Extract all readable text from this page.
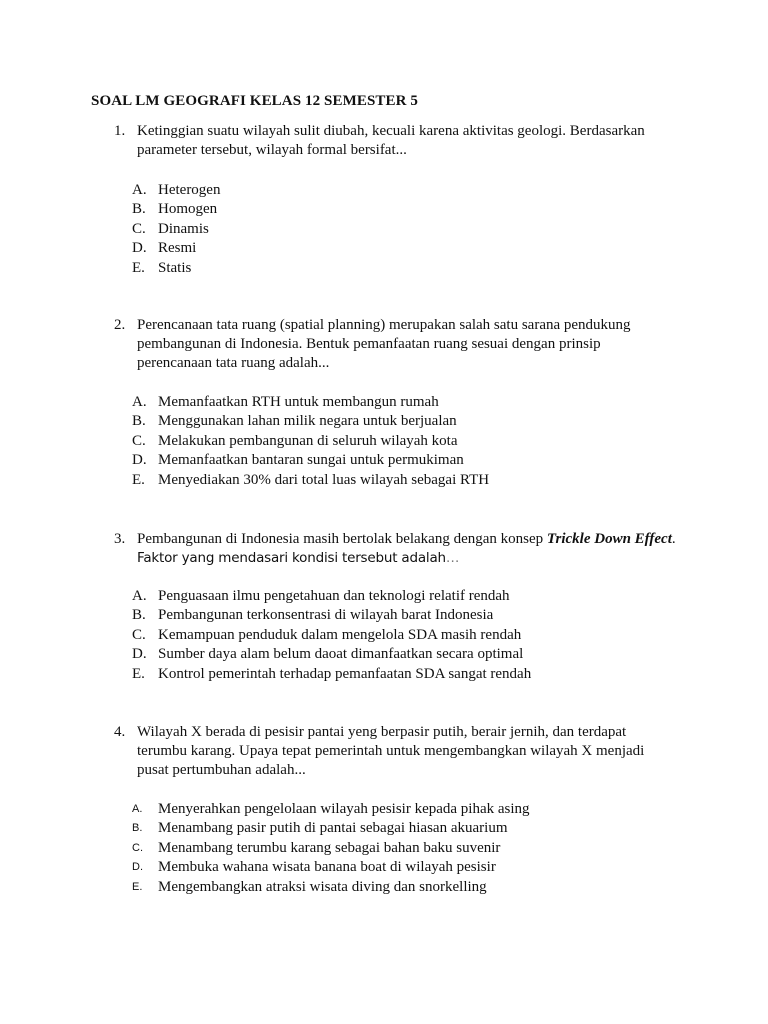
SOAL LM GEOGRAFI KELAS 12 SEMESTER 5
1. Ketinggian suatu wilayah sulit diubah, kecuali karena aktivitas geologi. Berdasarkan
parameter tersebut, wilayah formal bersifat...
A. Heterogen
B. Homogen
C. Dinamis
D. Resmi
E. Statis
2. Perencanaan tata ruang (spatial planning) merupakan salah satu sarana pendukung
pembangunan di Indonesia. Bentuk pemanfaatan ruang sesuai dengan prinsip
perencanaan tata ruang adalah...
A. Memanfaatkan RTH untuk membangun rumah
B. Menggunakan lahan milik negara untuk berjualan
C. Melakukan pembangunan di seluruh wilayah kota
D. Memanfaatkan bantaran sungai untuk permukiman
E. Menyediakan 30% dari total luas wilayah sebagai RTH
3. Pembangunan di Indonesia masih bertolak belakang dengan konsep Trickle Down Effect.
Faktor yang mendasari kondisi tersebut adalah…
A. Penguasaan ilmu pengetahuan dan teknologi relatif rendah
B. Pembangunan terkonsentrasi di wilayah barat Indonesia
C. Kemampuan penduduk dalam mengelola SDA masih rendah
D. Sumber daya alam belum daoat dimanfaatkan secara optimal
E. Kontrol pemerintah terhadap pemanfaatan SDA sangat rendah
4. Wilayah X berada di pesisir pantai yeng berpasir putih, berair jernih, dan terdapat
terumbu karang. Upaya tepat pemerintah untuk mengembangkan wilayah X menjadi
pusat pertumbuhan adalah...
A. Menyerahkan pengelolaan wilayah pesisir kepada pihak asing
B. Menambang pasir putih di pantai sebagai hiasan akuarium
C. Menambang terumbu karang sebagai bahan baku suvenir
D. Membuka wahana wisata banana boat di wilayah pesisir
E. Mengembangkan atraksi wisata diving dan snorkelling
